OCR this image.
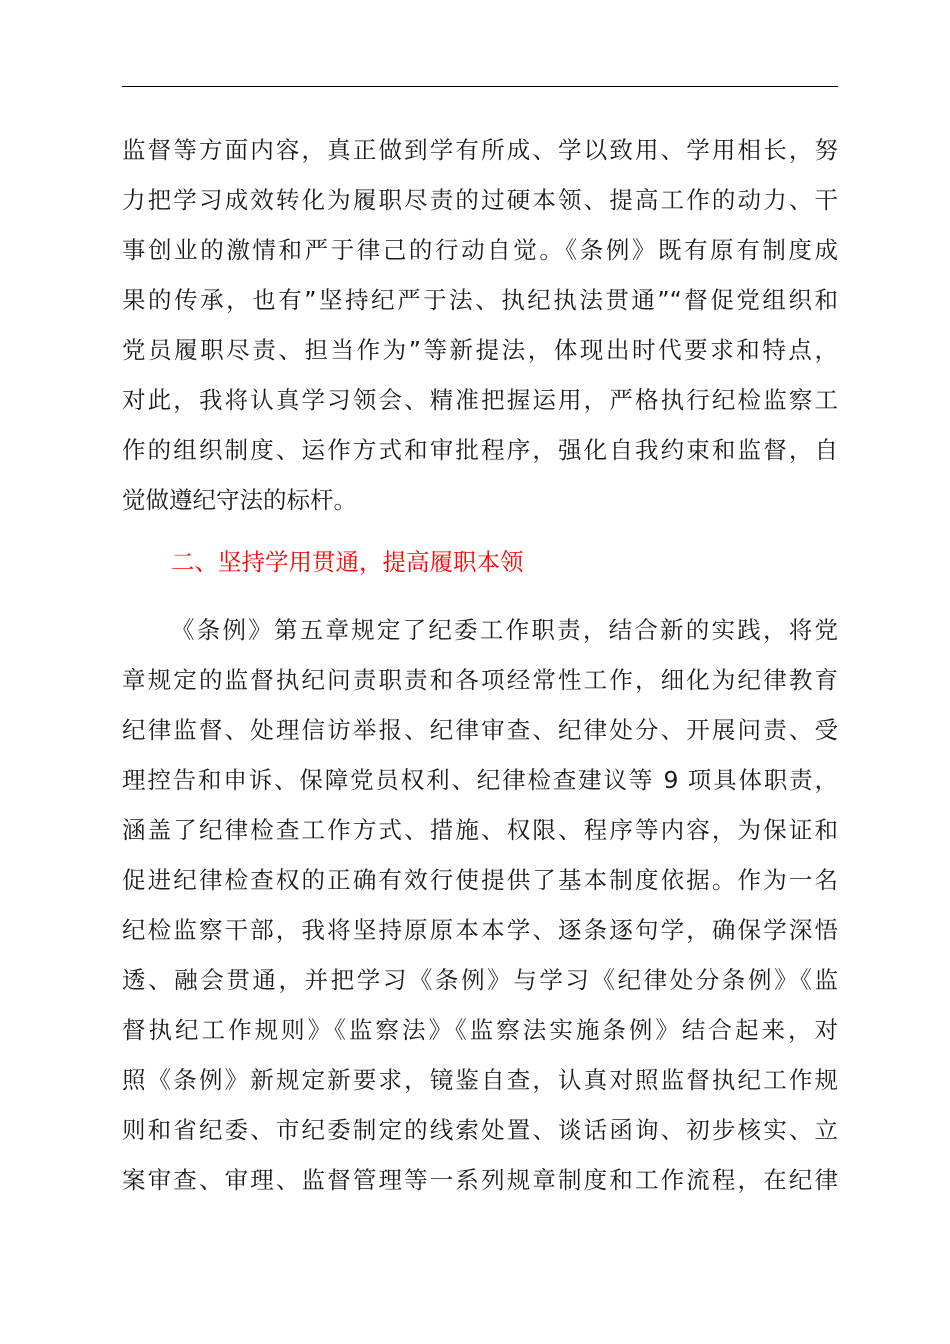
监督等方面内容，真正做到学有所成、学以致用、学用相长，努
力把学习成效转化为履职尽责的过硬本领、提高工作的动力、干
事创业的激情和严于律己的行动自觉。《条例》既有原有制度成
果的传承，也有”坚持纪严于法、执纪执法贯通”“督促党组织和
党员履职尽责、担当作为”等新提法，体现出时代要求和特点，
对此，我将认真学习领会、精准把握运用，严格执行纪检监察工
作的组织制度、运作方式和审批程序，强化自我约束和监督，自
觉做遵纪守法的标杆。
二、坚持学用贯通，提高履职本领
《条例》第五章规定了纪委工作职责，结合新的实践，将党
章规定的监督执纪问责职责和各项经常性工作，细化为纪律教育
纪律监督、处理信访举报、纪律审查、纪律处分、开展问责、受
理控告和申诉、保障党员权利、纪律检查建议等 9 项具体职责，
涵盖了纪律检查工作方式、措施、权限、程序等内容，为保证和
促进纪律检查权的正确有效行使提供了基本制度依据。作为一名
纪检监察干部，我将坚持原原本本学、逐条逐句学，确保学深悟
透、融会贯通，并把学习《条例》与学习《纪律处分条例》《监
督执纪工作规则》《监察法》《监察法实施条例》结合起来，对
照《条例》新规定新要求，镜鉴自查，认真对照监督执纪工作规
则和省纪委、市纪委制定的线索处置、谈话函询、初步核实、立
案审查、审理、监督管理等一系列规章制度和工作流程，在纪律
